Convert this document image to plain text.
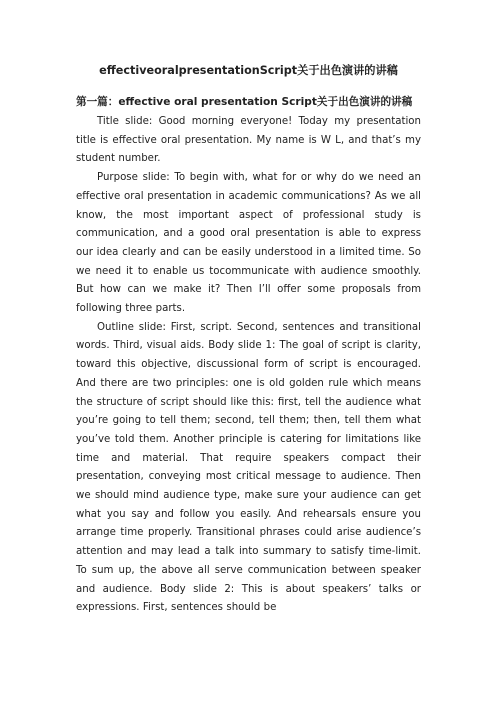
effectiveoralpresentationScript关于出色演讲的讲稿
第一篇：effective oral presentation Script关于出色演讲的讲稿

Title slide: Good morning everyone! Today my presentation title is effective oral presentation. My name is W L, and that’s my student number.

Purpose slide: To begin with, what for or why do we need an effective oral presentation in academic communications? As we all know, the most important aspect of professional study is communication, and a good oral presentation is able to express our idea clearly and can be easily understood in a limited time. So we need it to enable us tocommunicate with audience smoothly. But how can we make it? Then I’ll offer some proposals from following three parts.

Outline slide: First, script. Second, sentences and transitional words. Third, visual aids. Body slide 1: The goal of script is clarity, toward this objective, discussional form of script is encouraged. And there are two principles: one is old golden rule which means the structure of script should like this: first, tell the audience what you’re going to tell them; second, tell them; then, tell them what you’ve told them. Another principle is catering for limitations like time and material. That require speakers compact their presentation, conveying most critical message to audience. Then we should mind audience type, make sure your audience can get what you say and follow you easily. And rehearsals ensure you arrange time properly. Transitional phrases could arise audience’s attention and may lead a talk into summary to satisfy time-limit. To sum up, the above all serve communication between speaker and audience. Body slide 2: This is about speakers’ talks or expressions. First, sentences should be
